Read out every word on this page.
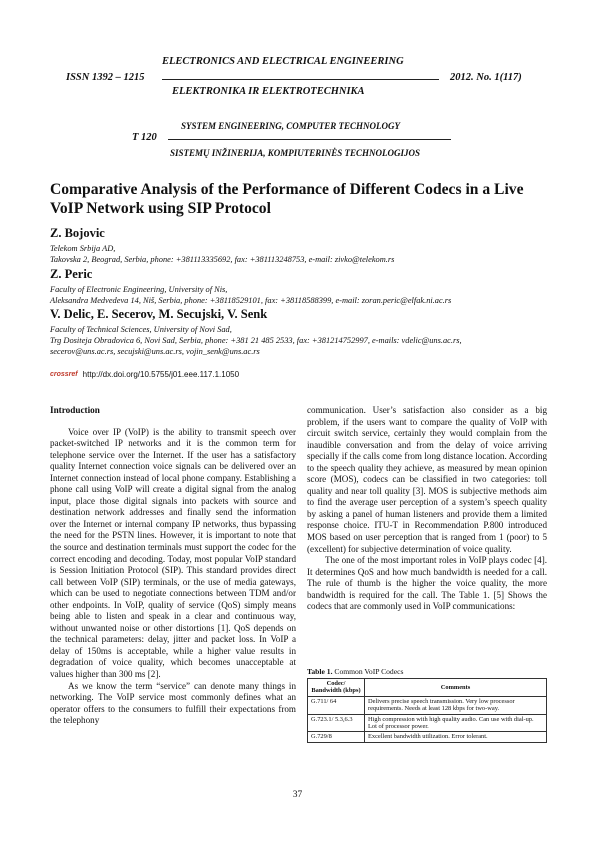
ELECTRONICS AND ELECTRICAL ENGINEERING
ISSN 1392 – 1215	2012. No. 1(117)
ELEKTRONIKA IR ELEKTROTECHNIKA
SYSTEM ENGINEERING, COMPUTER TECHNOLOGY
T 120
SISTEMŲ INŽINERIJA, KOMPIUTERINĖS TECHNOLOGIJOS
Comparative Analysis of the Performance of Different Codecs in a Live
VoIP Network using SIP Protocol
Z. Bojovic
Telekom Srbija AD,
Takovska 2, Beograd, Serbia, phone: +381113335692, fax: +381113248753, e-mail: zivko@telekom.rs
Z. Peric
Faculty of Electronic Engineering, University of Nis,
Aleksandra Medvedeva 14, Niš, Serbia, phone: +38118529101, fax: +38118588399, e-mail: zoran.peric@elfak.ni.ac.rs
V. Delic, E. Secerov, M. Secujski, V. Senk
Faculty of Technical Sciences, University of Novi Sad,
Trg Dositeja Obradovica 6, Novi Sad, Serbia, phone: +381 21 485 2533, fax: +381214752997, e-mails: vdelic@uns.ac.rs,
secerov@uns.ac.rs, secujski@uns.ac.rs, vojin_senk@uns.ac.rs
crossref http://dx.doi.org/10.5755/j01.eee.117.1.1050

Introduction

Voice over IP (VoIP) is the ability to transmit speech over packet-switched IP networks and it is the common term for telephone service over the Internet. If the user has a satisfactory quality Internet connection voice signals can be delivered over an Internet connection instead of local phone company. Establishing a phone call using VoIP will create a digital signal from the analog input, place those digital signals into packets with source and destination network addresses and finally send the information over the Internet or internal company IP networks, thus bypassing the need for the PSTN lines. However, it is important to note that the source and destination terminals must support the codec for the correct encoding and decoding. Today, most popular VoIP standard is Session Initiation Protocol (SIP). This standard provides direct call between VoIP (SIP) terminals, or the use of media gateways, which can be used to negotiate connections between TDM and/or other endpoints. In VoIP, quality of service (QoS) simply means being able to listen and speak in a clear and continuous way, without unwanted noise or other distortions [1]. QoS depends on the technical parameters: delay, jitter and packet loss. In VoIP a delay of 150ms is acceptable, while a higher value results in degradation of voice quality, which becomes unacceptable at values higher than 300 ms [2].

As we know the term “service” can denote many things in networking. The VoIP service most commonly defines what an operator offers to the consumers to fulfill their expectations from the telephony

communication. User’s satisfaction also consider as a big problem, if the users want to compare the quality of VoIP with circuit switch service, certainly they would complain from the inaudible conversation and from the delay of voice arriving specially if the calls come from long distance location. According to the speech quality they achieve, as measured by mean opinion score (MOS), codecs can be classified in two categories: toll quality and near toll quality [3]. MOS is subjective methods aim to find the average user perception of a system’s speech quality by asking a panel of human listeners and provide them a limited response choice. ITU-T in Recommendation P.800 introduced MOS based on user perception that is ranged from 1 (poor) to 5 (excellent) for subjective determination of voice quality.

The one of the most important roles in VoIP plays codec [4]. It determines QoS and how much bandwidth is needed for a call. The rule of thumb is the higher the voice quality, the more bandwidth is required for the call. The Table 1. [5] Shows the codecs that are commonly used in VoIP communications:

Table 1. Common VoIP Codecs

Codec/ Bandwidth (kbps)	Comments
G.711/ 64	Delivers precise speech transmission. Very low processor requirements. Needs at least 128 kbps for two-way.
G.723.1/ 5.3,6.3	High compression with high quality audio. Can use with dial-up. Lot of processor power.
G.729/8	Excellent bandwidth utilization. Error tolerant.
37
